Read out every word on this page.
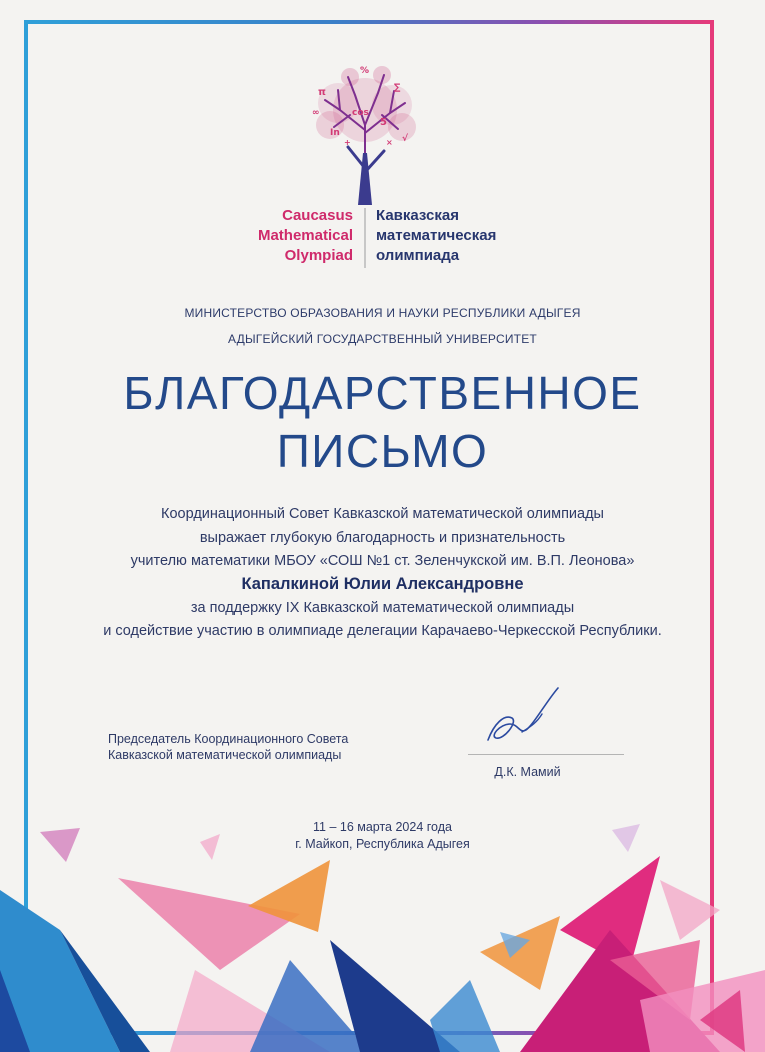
π	∑
cos
5
In
%
√
∞
+	×
Caucasus
Mathematical
Olympiad
Кавказская
математическая
олимпиада
МИНИСТЕРСТВО ОБРАЗОВАНИЯ И НАУКИ РЕСПУБЛИКИ АДЫГЕЯ
АДЫГЕЙСКИЙ ГОСУДАРСТВЕННЫЙ УНИВЕРСИТЕТ
БЛАГОДАРСТВЕННОЕ
ПИСЬМО
Координационный Совет Кавказской математической олимпиады
выражает глубокую благодарность и признательность
учителю математики МБОУ «СОШ №1 ст. Зеленчукской им. В.П. Леонова»
Капалкиной Юлии Александровне
за поддержку IX Кавказской математической олимпиады
и содействие участию в олимпиаде делегации Карачаево-Черкесской Республики.
Председатель Координационного Совета
Кавказской математической олимпиады
Д.К. Мамий
11 – 16 марта 2024 года
г. Майкоп, Республика Адыгея
